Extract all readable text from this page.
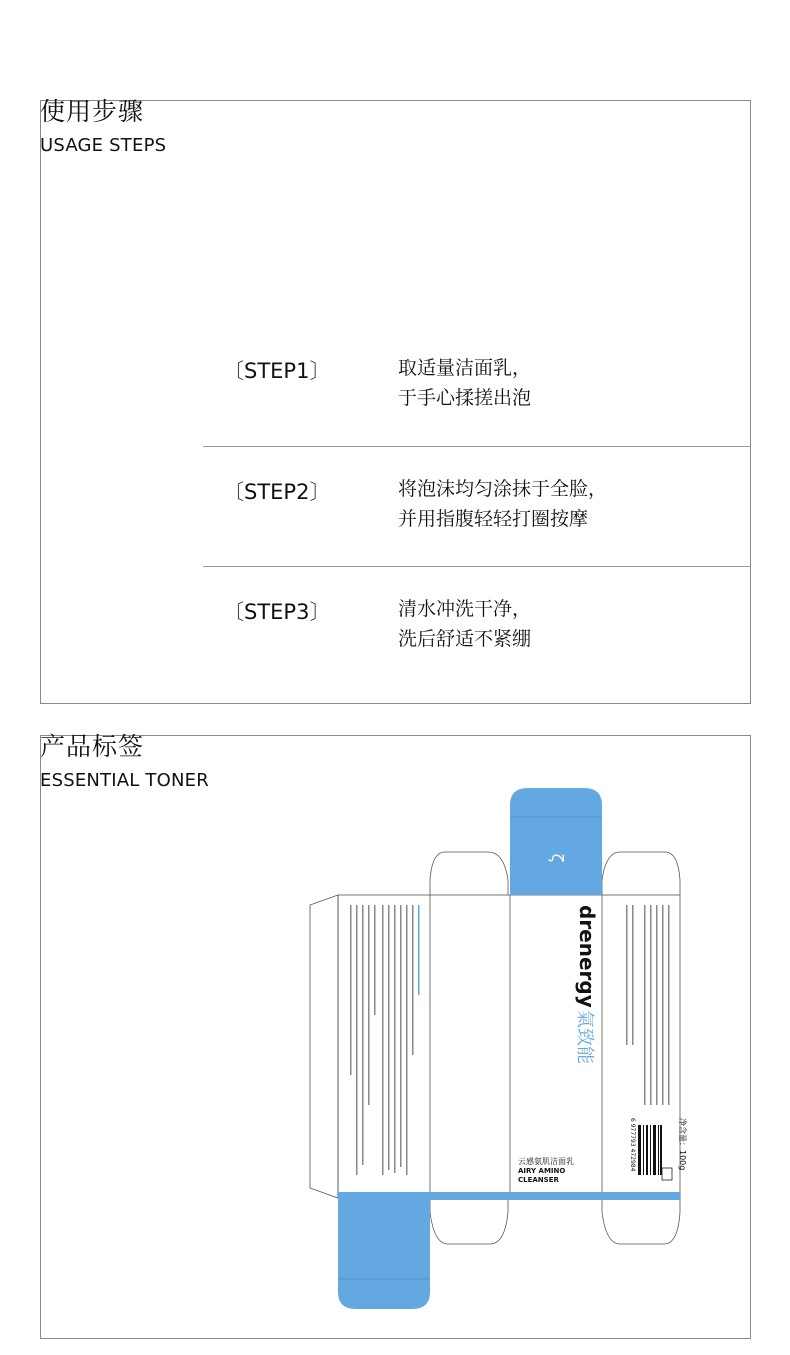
使用步骤
USAGE STEPS
〔STEP1〕	取适量洁面乳，
于手心揉搓出泡
〔STEP2〕	将泡沫均匀涂抹于全脸，
并用指腹轻轻打圈按摩
〔STEP3〕	清水冲洗干净，
洗后舒适不紧绷
产品标签
ESSENTIAL TONER
ζ
drenergy
氣致能
云感氨肌洁面乳
AIRY AMINO
CLEANSER
净含量：100g
6 977793 472984
